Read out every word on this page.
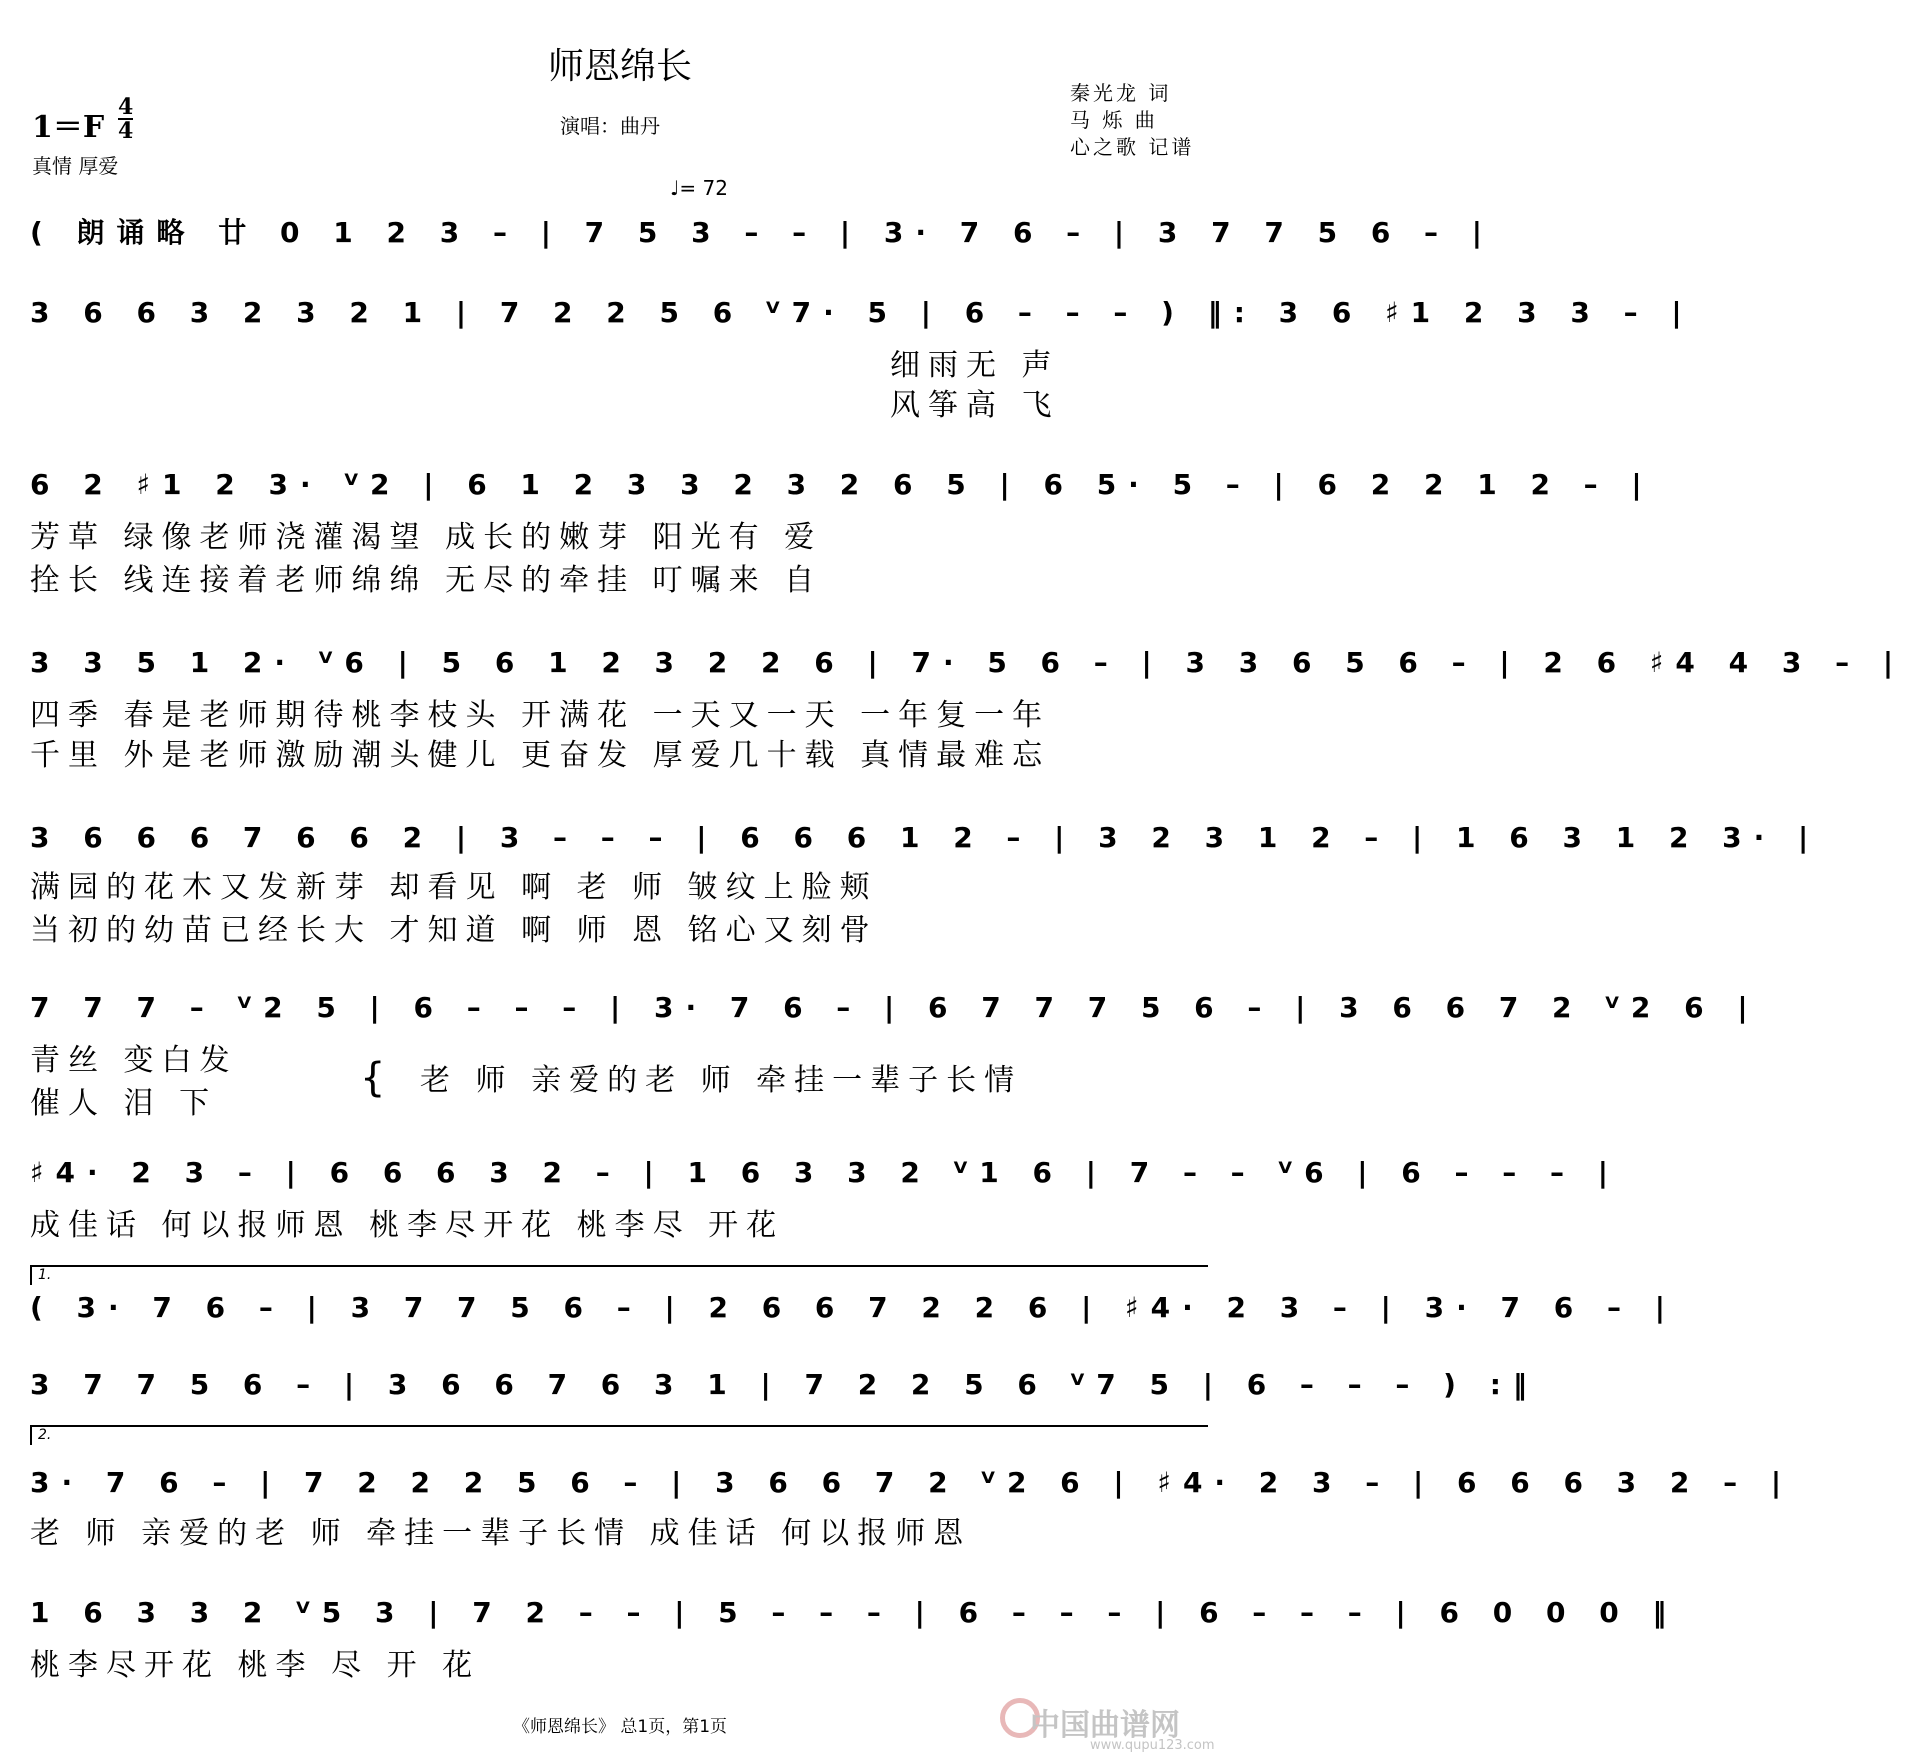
师恩绵长
1＝F
4
4
真情 厚爱
演唱：曲丹
秦光龙 词
马 烁 曲
心之歌 记谱
♩= 72
( 朗诵略 廿 0 1 2 3 – | 7 5 3 – – | 3· 7 6 – | 3 7 7 5 6 – |
3 6 6 3 2 3 2 1 | 7 2 2 5 6 ⱽ7· 5 | 6 – – – ) ‖: 3 6 ♯1 2 3 3 – |
细雨无 声
风筝高 飞
6 2 ♯1 2 3· ⱽ2 | 6 1 2 3 3 2 3 2 6 5 | 6 5· 5 – | 6 2 2 1 2 – |
芳草 绿像老师浇灌渴望 成长的嫩芽 阳光有 爱
拴长 线连接着老师绵绵 无尽的牵挂 叮嘱来 自
3 3 5 1 2· ⱽ6 | 5 6 1 2 3 2 2 6 | 7· 5 6 – | 3 3 6 5 6 – | 2 6 ♯4 4 3 – |
四季 春是老师期待桃李枝头 开满花 一天又一天 一年复一年
千里 外是老师激励潮头健儿 更奋发 厚爱几十载 真情最难忘
3 6 6 6 7 6 6 2 | 3 – – – | 6 6 6 1 2 – | 3 2 3 1 2 – | 1 6 3 1 2 3· |
满园的花木又发新芽 却看见 啊 老 师 皱纹上脸颊
当初的幼苗已经长大 才知道 啊 师 恩 铭心又刻骨
7 7 7 – ⱽ2 5 | 6 – – – | 3· 7 6 – | 6 7 7 7 5 6 – | 3 6 6 7 2 ⱽ2 6 |
青丝 变白发
催人 泪 下
{ 老 师 亲爱的老 师 牵挂一辈子长情
♯4· 2 3 – | 6 6 6 3 2 – | 1 6 3 3 2 ⱽ1 6 | 7 – – ⱽ6 | 6 – – – |
成佳话 何以报师恩 桃李尽开花 桃李尽 开花
1.
( 3· 7 6 – | 3 7 7 5 6 – | 2 6 6 7 2 2 6 | ♯4· 2 3 – | 3· 7 6 – |
3 7 7 5 6 – | 3 6 6 7 6 3 1 | 7 2 2 5 6 ⱽ7 5 | 6 – – – ) :‖
2.
3· 7 6 – | 7 2 2 2 5 6 – | 3 6 6 7 2 ⱽ2 6 | ♯4· 2 3 – | 6 6 6 3 2 – |
老 师 亲爱的老 师 牵挂一辈子长情 成佳话 何以报师恩
1 6 3 3 2 ⱽ5 3 | 7 2 – – | 5 – – – | 6 – – – | 6 – – – | 6 0 0 0 ‖
桃李尽开花 桃李 尽 开 花
《师恩绵长》 总1页，第1页	中国曲谱网
www.qupu123.com
